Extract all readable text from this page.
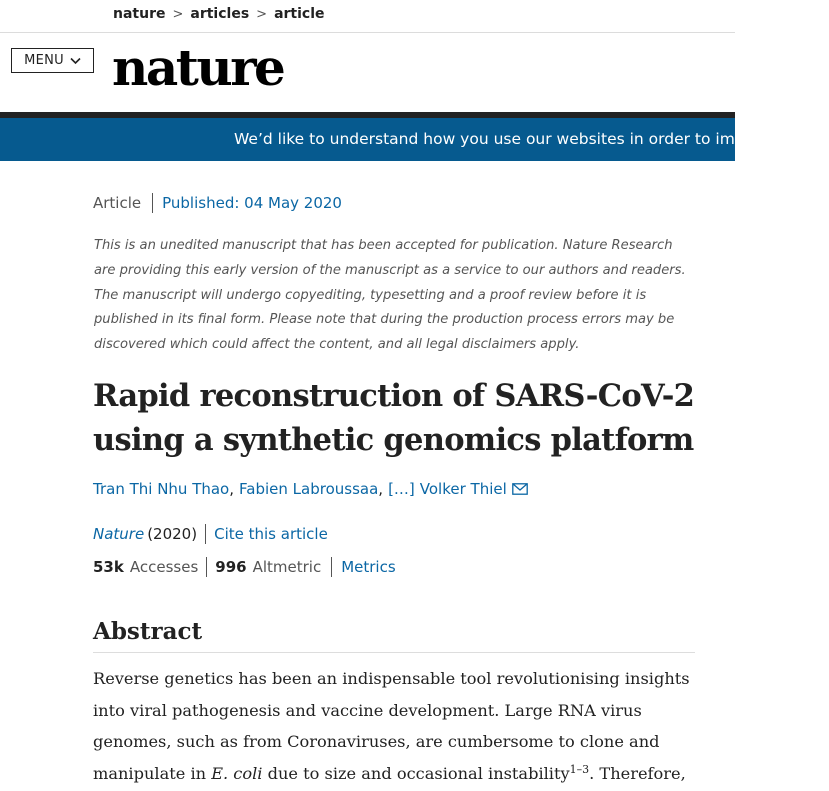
nature > articles > article
MENU nature
We’d like to understand how you use our websites in order to improve them.
Article Published: 04 May 2020

This is an unedited manuscript that has been accepted for publication. Nature Research are providing this early version of the manuscript as a service to our authors and readers. The manuscript will undergo copyediting, typesetting and a proof review before it is published in its final form. Please note that during the production process errors may be discovered which could affect the content, and all legal disclaimers apply.

Rapid reconstruction of SARS-CoV-2 using a synthetic genomics platform
Tran Thi Nhu Thao , Fabien Labroussaa , […] Volker Thiel
Nature (2020) Cite this article
53k Accesses 996 Altmetric Metrics
Abstract

Reverse genetics has been an indispensable tool revolutionising insights into viral pathogenesis and vaccine development. Large RNA virus genomes, such as from Coronaviruses, are cumbersome to clone and manipulate in E. coli due to size and occasional instability$^{1-3}$. Therefore,
